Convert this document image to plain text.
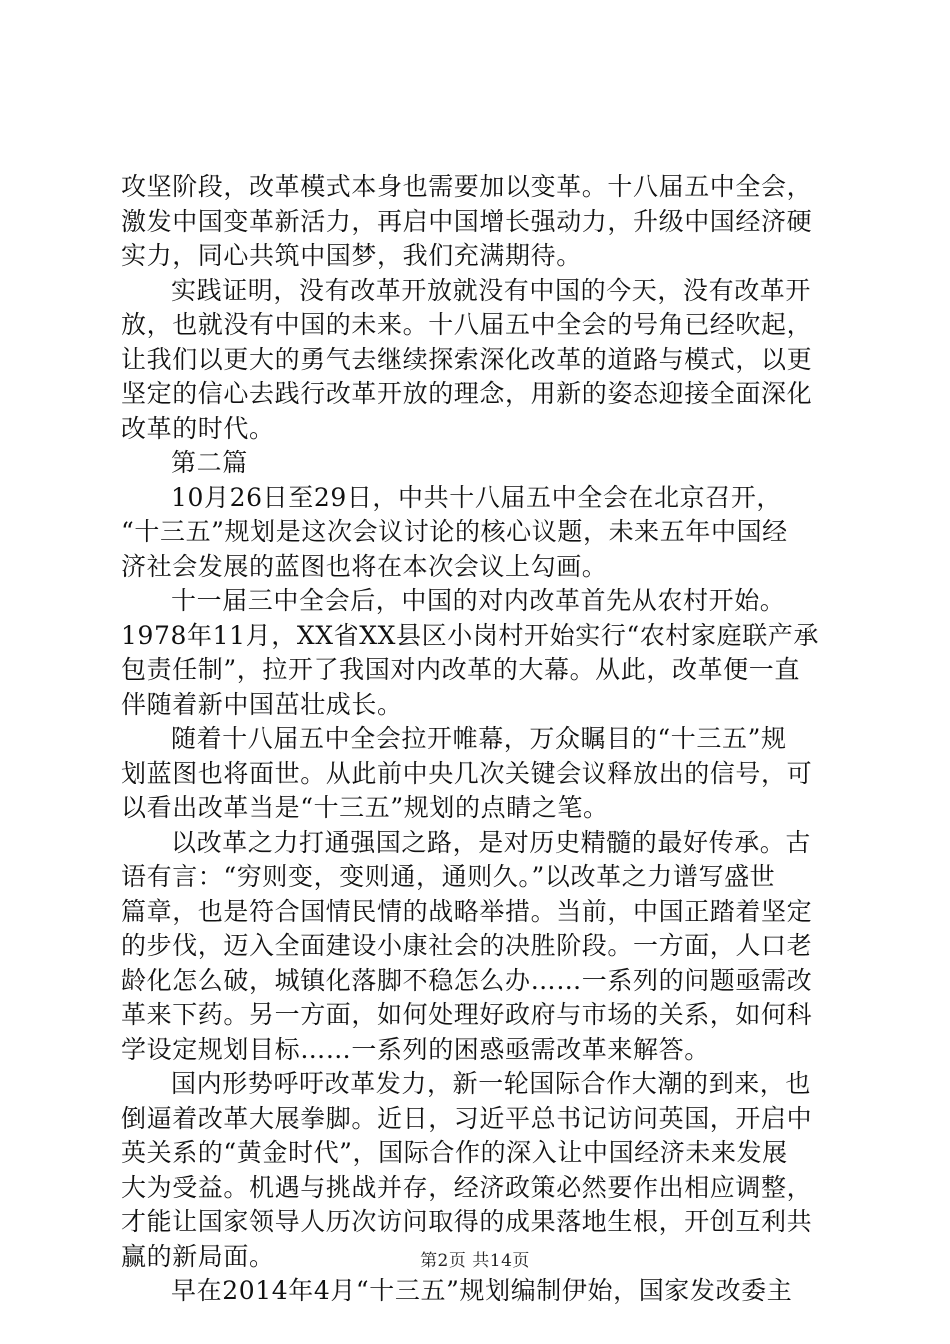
攻坚阶段，改革模式本身也需要加以变革。十八届五中全会，
激发中国变革新活力，再启中国增长强动力，升级中国经济硬
实力，同心共筑中国梦，我们充满期待。

实践证明，没有改革开放就没有中国的今天，没有改革开
放，也就没有中国的未来。十八届五中全会的号角已经吹起，
让我们以更大的勇气去继续探索深化改革的道路与模式，以更
坚定的信心去践行改革开放的理念，用新的姿态迎接全面深化
改革的时代。

第二篇

10月26日至29日，中共十八届五中全会在北京召开，
“十三五”规划是这次会议讨论的核心议题，未来五年中国经
济社会发展的蓝图也将在本次会议上勾画。

十一届三中全会后，中国的对内改革首先从农村开始。
1978年11月，XX省XX县区小岗村开始实行“农村家庭联产承
包责任制”，拉开了我国对内改革的大幕。从此，改革便一直
伴随着新中国茁壮成长。

随着十八届五中全会拉开帷幕，万众瞩目的“十三五”规
划蓝图也将面世。从此前中央几次关键会议释放出的信号，可
以看出改革当是“十三五”规划的点睛之笔。

以改革之力打通强国之路，是对历史精髓的最好传承。古
语有言：“穷则变，变则通，通则久。”以改革之力谱写盛世
篇章，也是符合国情民情的战略举措。当前，中国正踏着坚定
的步伐，迈入全面建设小康社会的决胜阶段。一方面，人口老
龄化怎么破，城镇化落脚不稳怎么办……一系列的问题亟需改
革来下药。另一方面，如何处理好政府与市场的关系，如何科
学设定规划目标……一系列的困惑亟需改革来解答。

国内形势呼吁改革发力，新一轮国际合作大潮的到来，也
倒逼着改革大展拳脚。近日，习近平总书记访问英国，开启中
英关系的“黄金时代”，国际合作的深入让中国经济未来发展
大为受益。机遇与挑战并存，经济政策必然要作出相应调整，
才能让国家领导人历次访问取得的成果落地生根，开创互利共
赢的新局面。

早在2014年4月“十三五”规划编制伊始，国家发改委主

第2页 共14页
